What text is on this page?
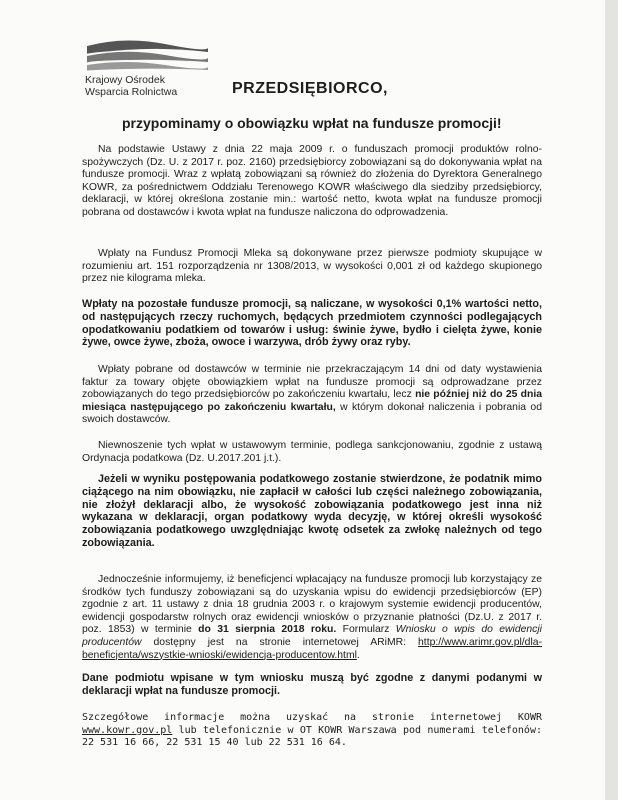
Krajowy Ośrodek
Wsparcia Rolnictwa	PRZEDSIĘBIORCO,
przypominamy o obowiązku wpłat na fundusze promocji!

Na podstawie Ustawy z dnia 22 maja 2009 r. o funduszach promocji produktów rolno-spożywczych (Dz. U. z 2017 r. poz. 2160) przedsiębiorcy zobowiązani są do dokonywania wpłat na fundusze promocji. Wraz z wpłatą zobowiązani są również do złożenia do Dyrektora Generalnego KOWR, za pośrednictwem Oddziału Terenowego KOWR właściwego dla siedziby przedsiębiorcy, deklaracji, w której określona zostanie min.: wartość netto, kwota wpłat na fundusze promocji pobrana od dostawców i kwota wpłat na fundusze naliczona do odprowadzenia.

Wpłaty na Fundusz Promocji Mleka są dokonywane przez pierwsze podmioty skupujące w rozumieniu art. 151 rozporządzenia nr 1308/2013, w wysokości 0,001 zł od każdego skupionego przez nie kilograma mleka.

Wpłaty na pozostałe fundusze promocji, są naliczane, w wysokości 0,1% wartości netto, od następujących rzeczy ruchomych, będących przedmiotem czynności podlegających opodatkowaniu podatkiem od towarów i usług: świnie żywe, bydło i cielęta żywe, konie żywe, owce żywe, zboża, owoce i warzywa, drób żywy oraz ryby.

Wpłaty pobrane od dostawców w terminie nie przekraczającym 14 dni od daty wystawienia faktur za towary objęte obowiązkiem wpłat na fundusze promocji są odprowadzane przez zobowiązanych do tego przedsiębiorców po zakończeniu kwartału, lecz nie później niż do 25 dnia miesiąca następującego po zakończeniu kwartału, w którym dokonał naliczenia i pobrania od swoich dostawców.

Niewnoszenie tych wpłat w ustawowym terminie, podlega sankcjonowaniu, zgodnie z ustawą Ordynacja podatkowa (Dz. U.2017.201 j.t.).

Jeżeli w wyniku postępowania podatkowego zostanie stwierdzone, że podatnik mimo ciążącego na nim obowiązku, nie zapłacił w całości lub części należnego zobowiązania, nie złożył deklaracji albo, że wysokość zobowiązania podatkowego jest inna niż wykazana w deklaracji, organ podatkowy wyda decyzję, w której określi wysokość zobowiązania podatkowego uwzględniając kwotę odsetek za zwłokę należnych od tego zobowiązania.

Jednocześnie informujemy, iż beneficjenci wpłacający na fundusze promocji lub korzystający ze środków tych funduszy zobowiązani są do uzyskania wpisu do ewidencji przedsiębiorców (EP) zgodnie z art. 11 ustawy z dnia 18 grudnia 2003 r. o krajowym systemie ewidencji producentów, ewidencji gospodarstw rolnych oraz ewidencji wniosków o przyznanie płatności (Dz.U. z 2017 r. poz. 1853) w terminie do 31 sierpnia 2018 roku. Formularz Wniosku o wpis do ewidencji producentów dostępny jest na stronie internetowej ARiMR: http://www.arimr.gov.pl/dla-beneficjenta/wszystkie-wnioski/ewidencja-producentow.html.

Dane podmiotu wpisane w tym wniosku muszą być zgodne z danymi podanymi w deklaracji wpłat na fundusze promocji.

Szczegółowe informacje można uzyskać na stronie internetowej KOWR www.kowr.gov.pl lub telefonicznie w OT KOWR Warszawa pod numerami telefonów: 22 531 16 66, 22 531 15 40 lub 22 531 16 64.
